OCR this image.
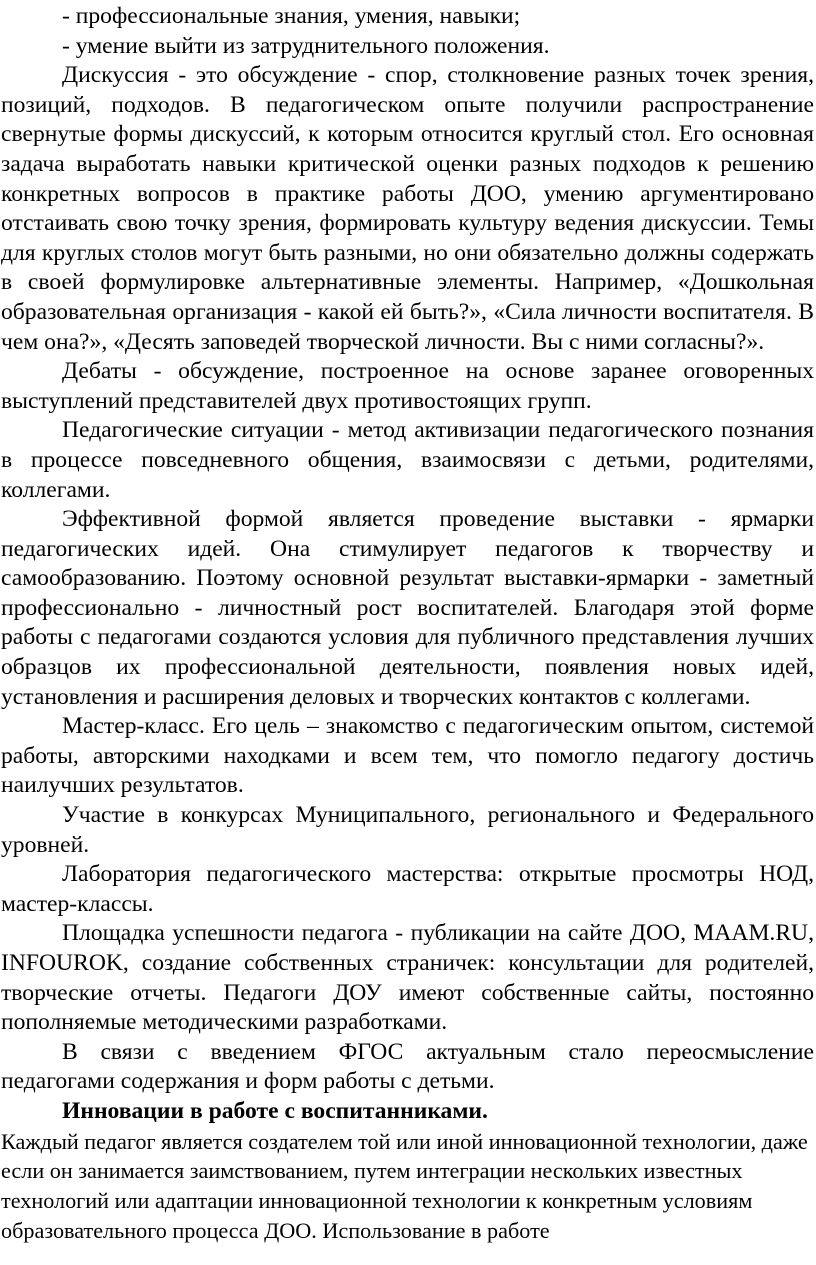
- профессиональные знания, умения, навыки;

- умение выйти из затруднительного положения.

Дискуссия - это обсуждение - спор, столкновение разных точек зрения, позиций, подходов. В педагогическом опыте получили распространение свернутые формы дискуссий, к которым относится круглый стол. Его основная задача выработать навыки критической оценки разных подходов к решению конкретных вопросов в практике работы ДОО, умению аргументировано отстаивать свою точку зрения, формировать культуру ведения дискуссии. Темы для круглых столов могут быть разными, но они обязательно должны содержать в своей формулировке альтернативные элементы. Например, «Дошкольная образовательная организация - какой ей быть?», «Сила личности воспитателя. В чем она?», «Десять заповедей творческой личности. Вы с ними согласны?».

Дебаты - обсуждение, построенное на основе заранее оговоренных выступлений представителей двух противостоящих групп.

Педагогические ситуации - метод активизации педагогического познания в процессе повседневного общения, взаимосвязи с детьми, родителями, коллегами.

Эффективной формой является проведение выставки - ярмарки педагогических идей. Она стимулирует педагогов к творчеству и самообразованию. Поэтому основной результат выставки-ярмарки - заметный профессионально - личностный рост воспитателей. Благодаря этой форме работы с педагогами создаются условия для публичного представления лучших образцов их профессиональной деятельности, появления новых идей, установления и расширения деловых и творческих контактов с коллегами.

Мастер-класс. Его цель – знакомство с педагогическим опытом, системой работы, авторскими находками и всем тем, что помогло педагогу достичь наилучших результатов.

Участие в конкурсах Муниципального, регионального и Федерального уровней.

Лаборатория педагогического мастерства: открытые просмотры НОД, мастер-классы.

Площадка успешности педагога - публикации на сайте ДОО, MAAM.RU, INFOUROK, создание собственных страничек: консультации для родителей, творческие отчеты. Педагоги ДОУ имеют собственные сайты, постоянно пополняемые методическими разработками.

В связи с введением ФГОС актуальным стало переосмысление педагогами содержания и форм работы с детьми.

Инновации в работе с воспитанниками.

Каждый педагог является создателем той или иной инновационной технологии, даже если он занимается заимствованием, путем интеграции нескольких известных технологий или адаптации инновационной технологии к конкретным условиям образовательного процесса ДОО. Использование в работе
